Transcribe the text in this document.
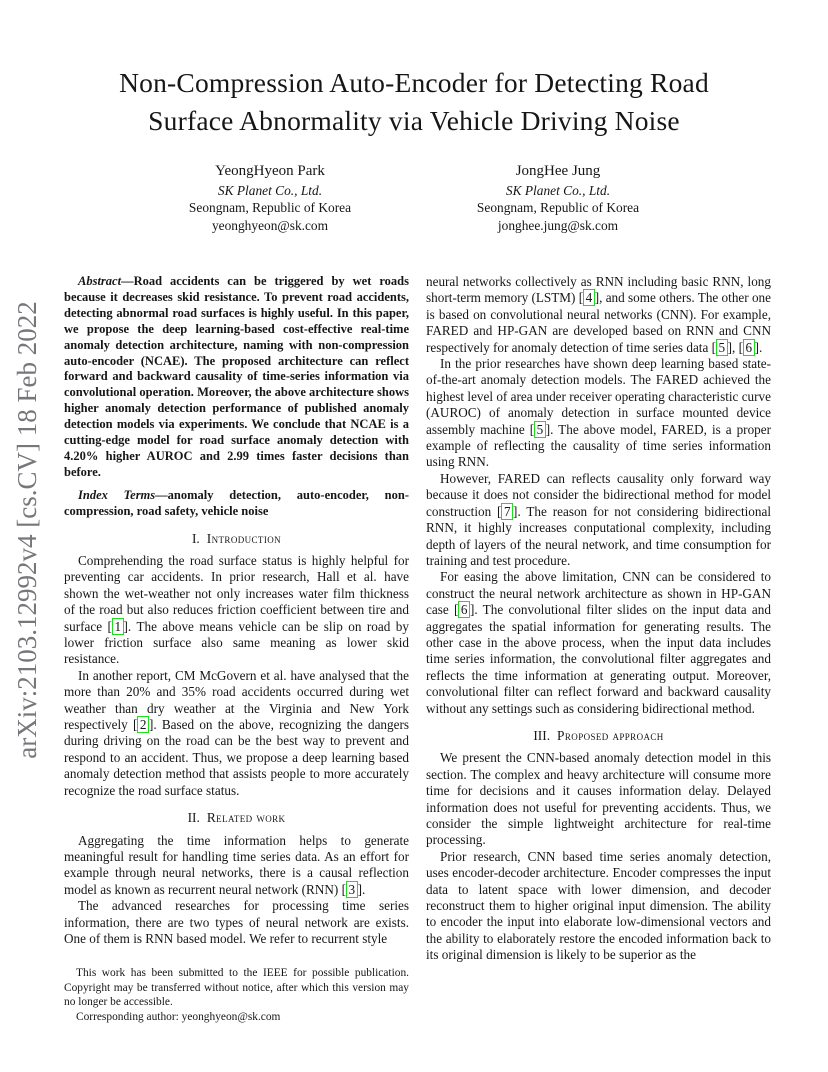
arXiv:2103.12992v4 [cs.CV] 18 Feb 2022
Non-Compression Auto-Encoder for Detecting Road
Surface Abnormality via Vehicle Driving Noise
YeongHyeon Park
SK Planet Co., Ltd.
Seongnam, Republic of Korea
yeonghyeon@sk.com
JongHee Jung
SK Planet Co., Ltd.
Seongnam, Republic of Korea
jonghee.jung@sk.com

Abstract—Road accidents can be triggered by wet roads because it decreases skid resistance. To prevent road accidents, detecting abnormal road surfaces is highly useful. In this paper, we propose the deep learning-based cost-effective real-time anomaly detection architecture, naming with non-compression auto-encoder (NCAE). The proposed architecture can reflect forward and backward causality of time-series information via convolutional operation. Moreover, the above architecture shows higher anomaly detection performance of published anomaly detection models via experiments. We conclude that NCAE is a cutting-edge model for road surface anomaly detection with 4.20% higher AUROC and 2.99 times faster decisions than before.

Index Terms—anomaly detection, auto-encoder, non-compression, road safety, vehicle noise

I. Introduction

Comprehending the road surface status is highly helpful for preventing car accidents. In prior research, Hall et al. have shown the wet-weather not only increases water film thickness of the road but also reduces friction coefficient between tire and surface [ 1 ]. The above means vehicle can be slip on road by lower friction surface also same meaning as lower skid resistance.

In another report, CM McGovern et al. have analysed that the more than 20% and 35% road accidents occurred during wet weather than dry weather at the Virginia and New York respectively [ 2 ]. Based on the above, recognizing the dangers during driving on the road can be the best way to prevent and respond to an accident. Thus, we propose a deep learning based anomaly detection method that assists people to more accurately recognize the road surface status.

II. Related work

Aggregating the time information helps to generate meaningful result for handling time series data. As an effort for example through neural networks, there is a causal reflection model as known as recurrent neural network (RNN) [ 3 ].

The advanced researches for processing time series information, there are two types of neural network are exists. One of them is RNN based model. We refer to recurrent style

This work has been submitted to the IEEE for possible publication. Copyright may be transferred without notice, after which this version may no longer be accessible.

Corresponding author: yeonghyeon@sk.com

neural networks collectively as RNN including basic RNN, long short-term memory (LSTM) [ 4 ], and some others. The other one is based on convolutional neural networks (CNN). For example, FARED and HP-GAN are developed based on RNN and CNN respectively for anomaly detection of time series data [ 5 ], [ 6 ].

In the prior researches have shown deep learning based state-of-the-art anomaly detection models. The FARED achieved the highest level of area under receiver operating characteristic curve (AUROC) of anomaly detection in surface mounted device assembly machine [ 5 ]. The above model, FARED, is a proper example of reflecting the causality of time series information using RNN.

However, FARED can reflects causality only forward way because it does not consider the bidirectional method for model construction [ 7 ]. The reason for not considering bidirectional RNN, it highly increases conputational complexity, including depth of layers of the neural network, and time consumption for training and test procedure.

For easing the above limitation, CNN can be considered to construct the neural network architecture as shown in HP-GAN case [ 6 ]. The convolutional filter slides on the input data and aggregates the spatial information for generating results. The other case in the above process, when the input data includes time series information, the convolutional filter aggregates and reflects the time information at generating output. Moreover, convolutional filter can reflect forward and backward causality without any settings such as considering bidirectional method.

III. Proposed approach

We present the CNN-based anomaly detection model in this section. The complex and heavy architecture will consume more time for decisions and it causes information delay. Delayed information does not useful for preventing accidents. Thus, we consider the simple lightweight architecture for real-time processing.

Prior research, CNN based time series anomaly detection, uses encoder-decoder architecture. Encoder compresses the input data to latent space with lower dimension, and decoder reconstruct them to higher original input dimension. The ability to encoder the input into elaborate low-dimensional vectors and the ability to elaborately restore the encoded information back to its original dimension is likely to be superior as the
